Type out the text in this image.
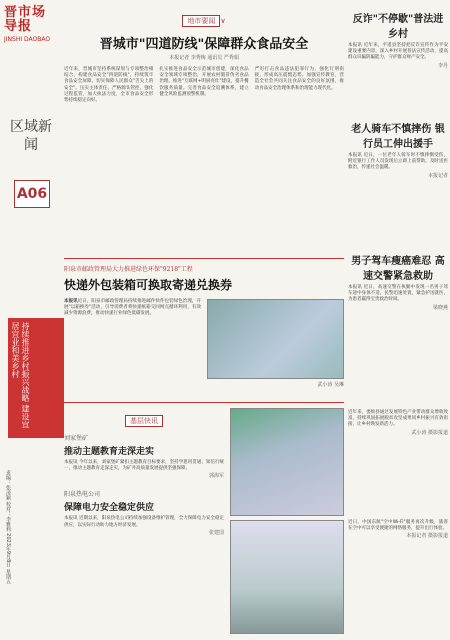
晋市场
导报
JINSHI DAOBAO
区域新闻
A06
持续推进乡村振兴战略 建设宜居宜业和美乡村
责编：张凌颖 校对：李雅莉 2023年9月8日 星期五
地市要闻 ∨
晋城市"四道防线"保障群众食品安全
本报记者 李秀梅 通讯员 严秀娟
近年来，晋城市坚持系统谋划与专项整治相结合，构建食品安全"四道防线"，持续筑牢食品安全屏障，切实保障人民群众"舌尖上的安全"。压实主体责任，严格源头管控，强化过程监管，加大执法力度，全市食品安全形势持续稳定向好。
扎实推进食品安全示范城市创建，深化食品安全领域专项整治，开展农村假冒伪劣食品治理。推进"互联网+明厨亮灶"建设，提升餐饮服务质量。完善食品安全追溯体系，建立健全风险监测预警机制。
严厉打击食品违法犯罪行为，强化行刑衔接，形成高压震慑态势。加强宣传教育，营造全社会共同关注食品安全的良好氛围，推动食品安全治理体系和治理能力现代化。
阳泉市邮政管理局大力推进绿色环保"9218"工程
快递外包装箱可换取寄递兑换券
本报讯近日，阳泉市邮政管理局持续推进邮件快件包装绿色治理，开展"以箱换券"活动，引导消费者将快递纸箱交回网点循环利用，有效减少资源浪费，推动快递行业绿色低碳发展。
武小涛 吴琳
基层快讯
刘家堡矿
推动主题教育走深走实
本报讯 今年以来，刘家堡矿紧扣主题教育目标要求，坚持学思用贯通、知信行统一，推动主题教育走深走实，为矿井高质量发展提供坚强保障。
郭海军
阳泉热电公司
保障电力安全稳定供应
本报讯 近期以来，阳泉热电公司持续加强设备维护管理，全力保障电力安全稳定供应，以实际行动助力地方经济发展。
张建国
反诈"不停歇"普法进乡村
本报讯 近年来，平遥县坚持把反诈宣传作为平安建设重要内容，深入乡村开展普法宣传活动，提高群众识骗防骗能力，守护群众财产安全。
李丹
老人骑车不慎摔伤 银行员工伸出援手
本报讯 近日，一位老年人骑车时不慎摔倒受伤，附近银行工作人员发现后立即上前帮助，及时送医救治，传递社会温暖。
本报记者
男子驾车瘦癌难忍 高速交警紧急救助
本报讯 近日，高速交警在执勤中发现一名男子驾车途中身体不适，民警迅速处置，紧急护送就医，为患者赢得宝贵救治时间。
梁晓燕
近年来，娄烦县通过发展特色产业带动群众增收致富，持续巩固拓展脱贫攻坚成果同乡村振兴有效衔接，让乡村焕发新活力。
武小涛 摄影报道
近日，中国东航"空中Wi-Fi"服务再次升级，旅客在空中可以享受便捷的网络服务，提升出行体验。
本报记者 摄影报道
